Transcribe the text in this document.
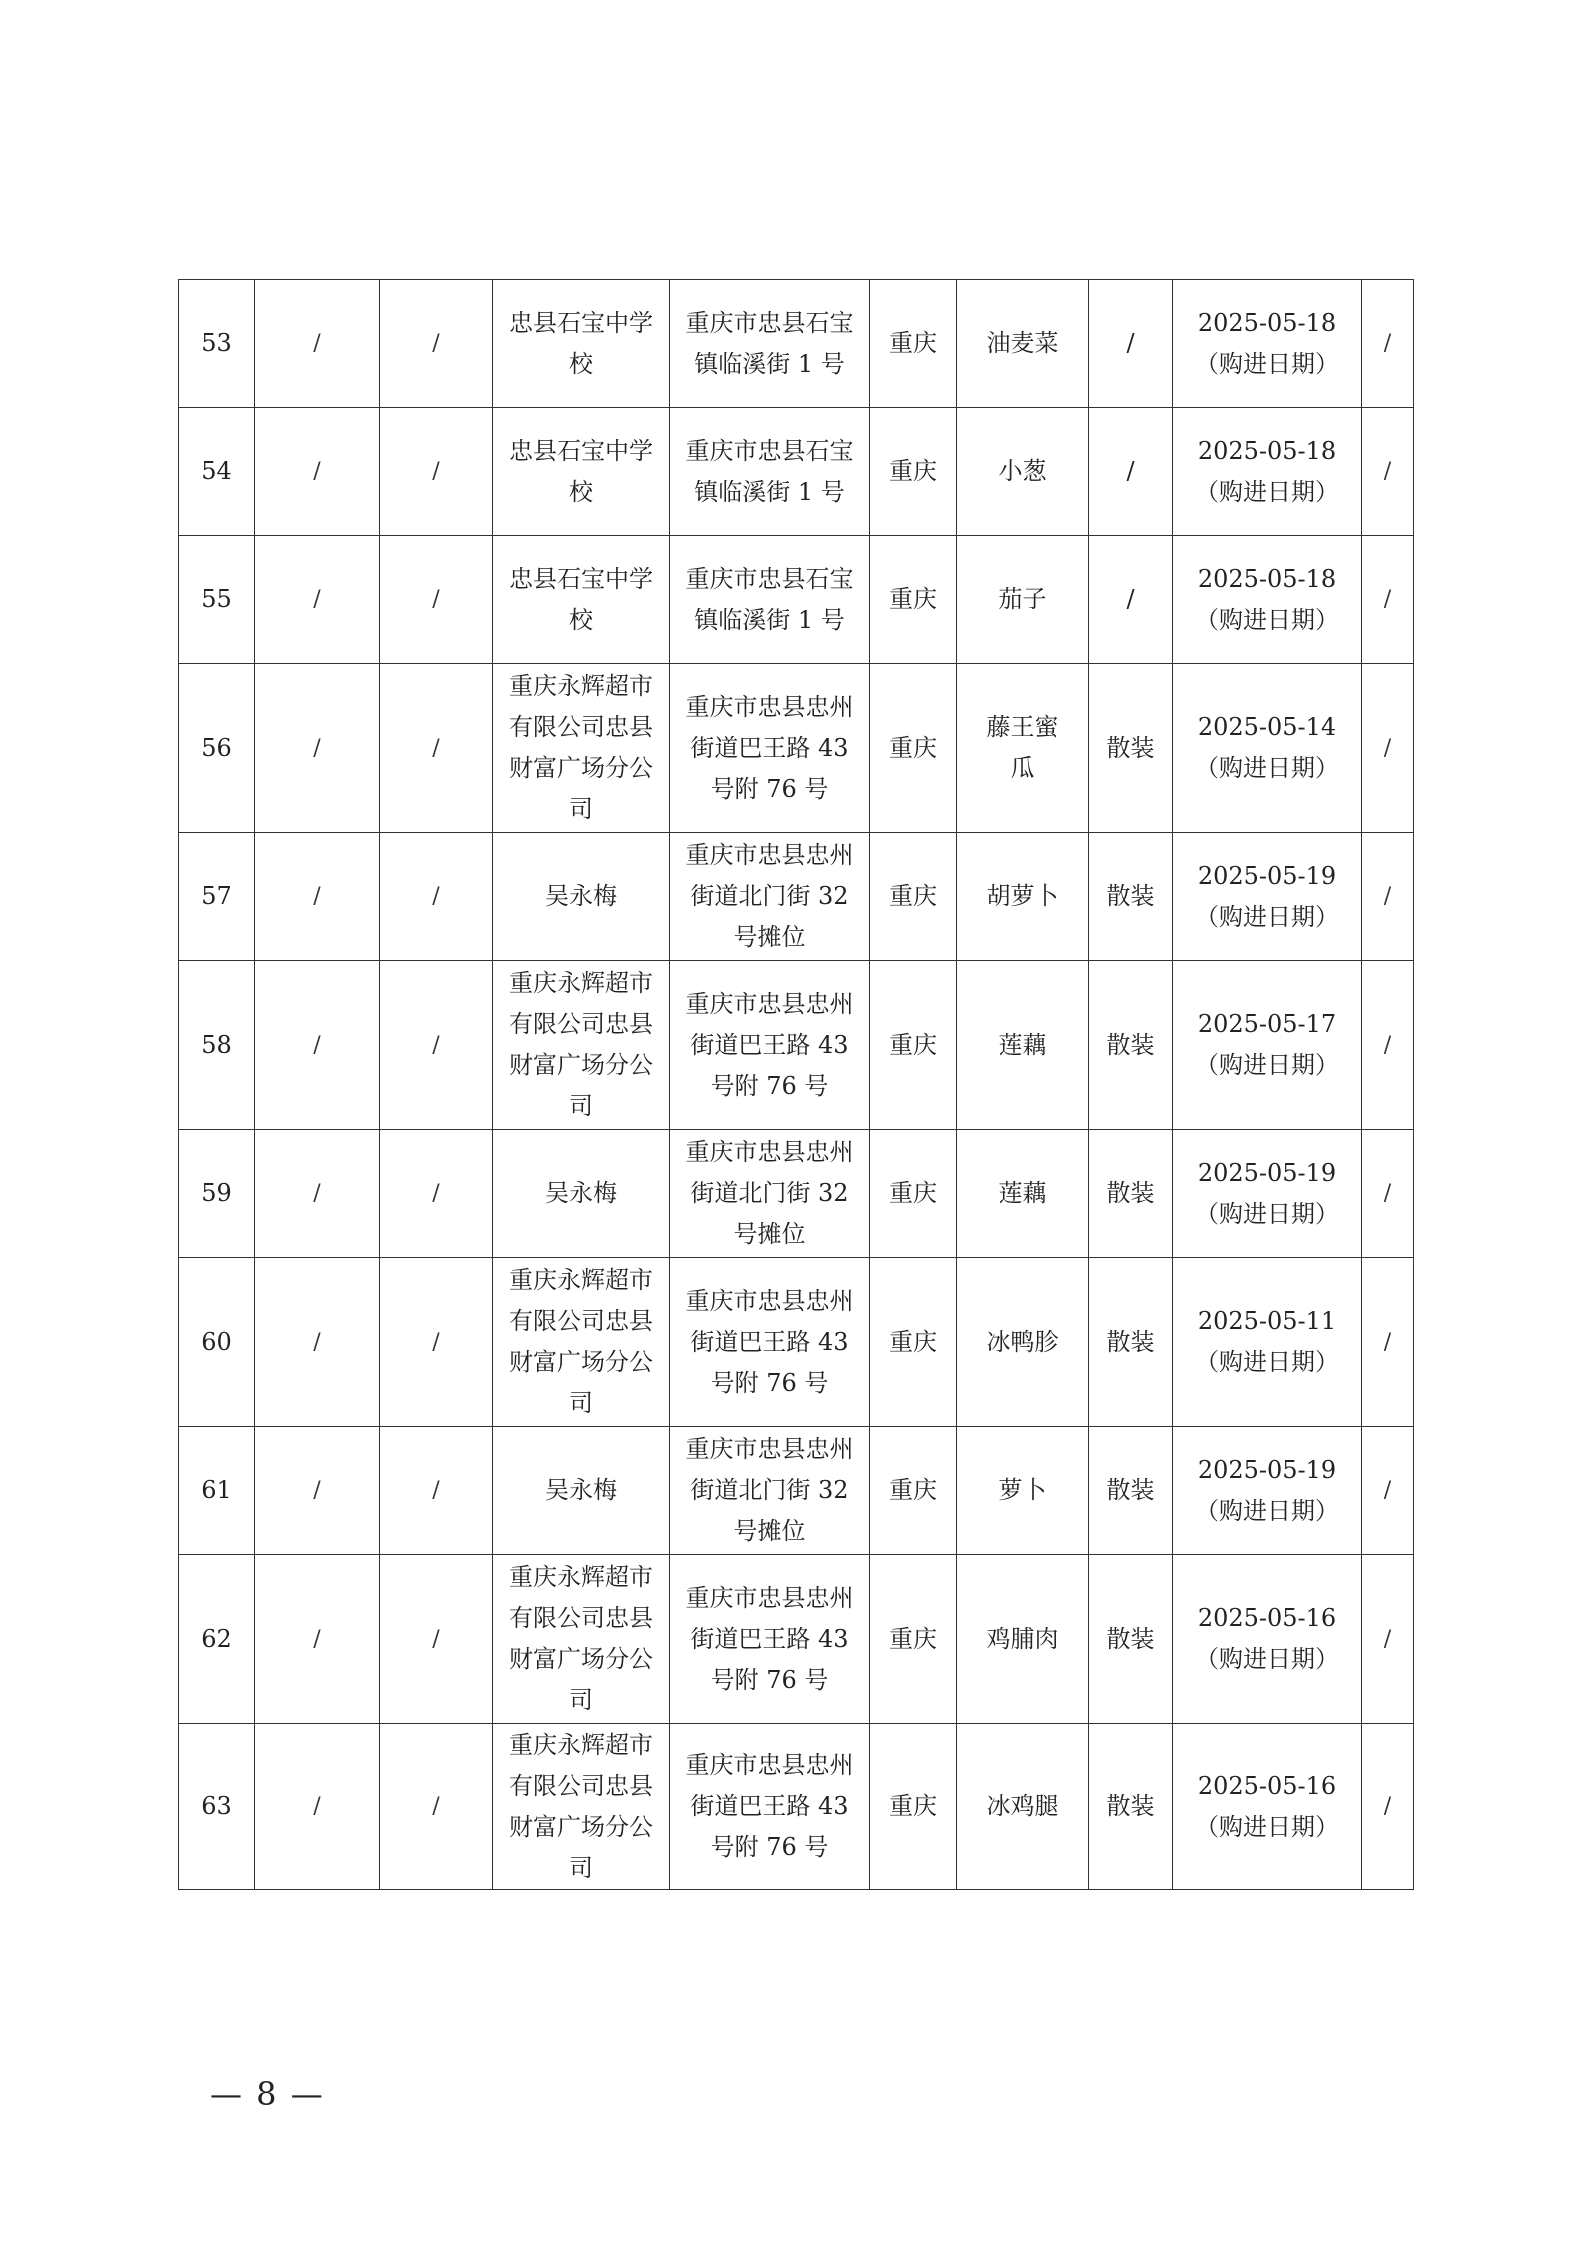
53	/	/	忠县石宝中学校	重庆市忠县石宝镇临溪街 1 号	重庆	油麦菜	/	2025-05-18（购进日期）	/
54	/	/	忠县石宝中学校	重庆市忠县石宝镇临溪街 1 号	重庆	小葱	/	2025-05-18（购进日期）	/
55	/	/	忠县石宝中学校	重庆市忠县石宝镇临溪街 1 号	重庆	茄子	/	2025-05-18（购进日期）	/
56	/	/	重庆永辉超市有限公司忠县财富广场分公司	重庆市忠县忠州街道巴王路 43 号附 76 号	重庆	藤王蜜瓜	散装	2025-05-14（购进日期）	/
57	/	/	吴永梅	重庆市忠县忠州街道北门街 32 号摊位	重庆	胡萝卜	散装	2025-05-19（购进日期）	/
58	/	/	重庆永辉超市有限公司忠县财富广场分公司	重庆市忠县忠州街道巴王路 43 号附 76 号	重庆	莲藕	散装	2025-05-17（购进日期）	/
59	/	/	吴永梅	重庆市忠县忠州街道北门街 32 号摊位	重庆	莲藕	散装	2025-05-19（购进日期）	/
60	/	/	重庆永辉超市有限公司忠县财富广场分公司	重庆市忠县忠州街道巴王路 43 号附 76 号	重庆	冰鸭胗	散装	2025-05-11（购进日期）	/
61	/	/	吴永梅	重庆市忠县忠州街道北门街 32 号摊位	重庆	萝卜	散装	2025-05-19（购进日期）	/
62	/	/	重庆永辉超市有限公司忠县财富广场分公司	重庆市忠县忠州街道巴王路 43 号附 76 号	重庆	鸡脯肉	散装	2025-05-16（购进日期）	/
63	/	/	重庆永辉超市有限公司忠县财富广场分公司	重庆市忠县忠州街道巴王路 43 号附 76 号	重庆	冰鸡腿	散装	2025-05-16（购进日期）	/
— 8 —
